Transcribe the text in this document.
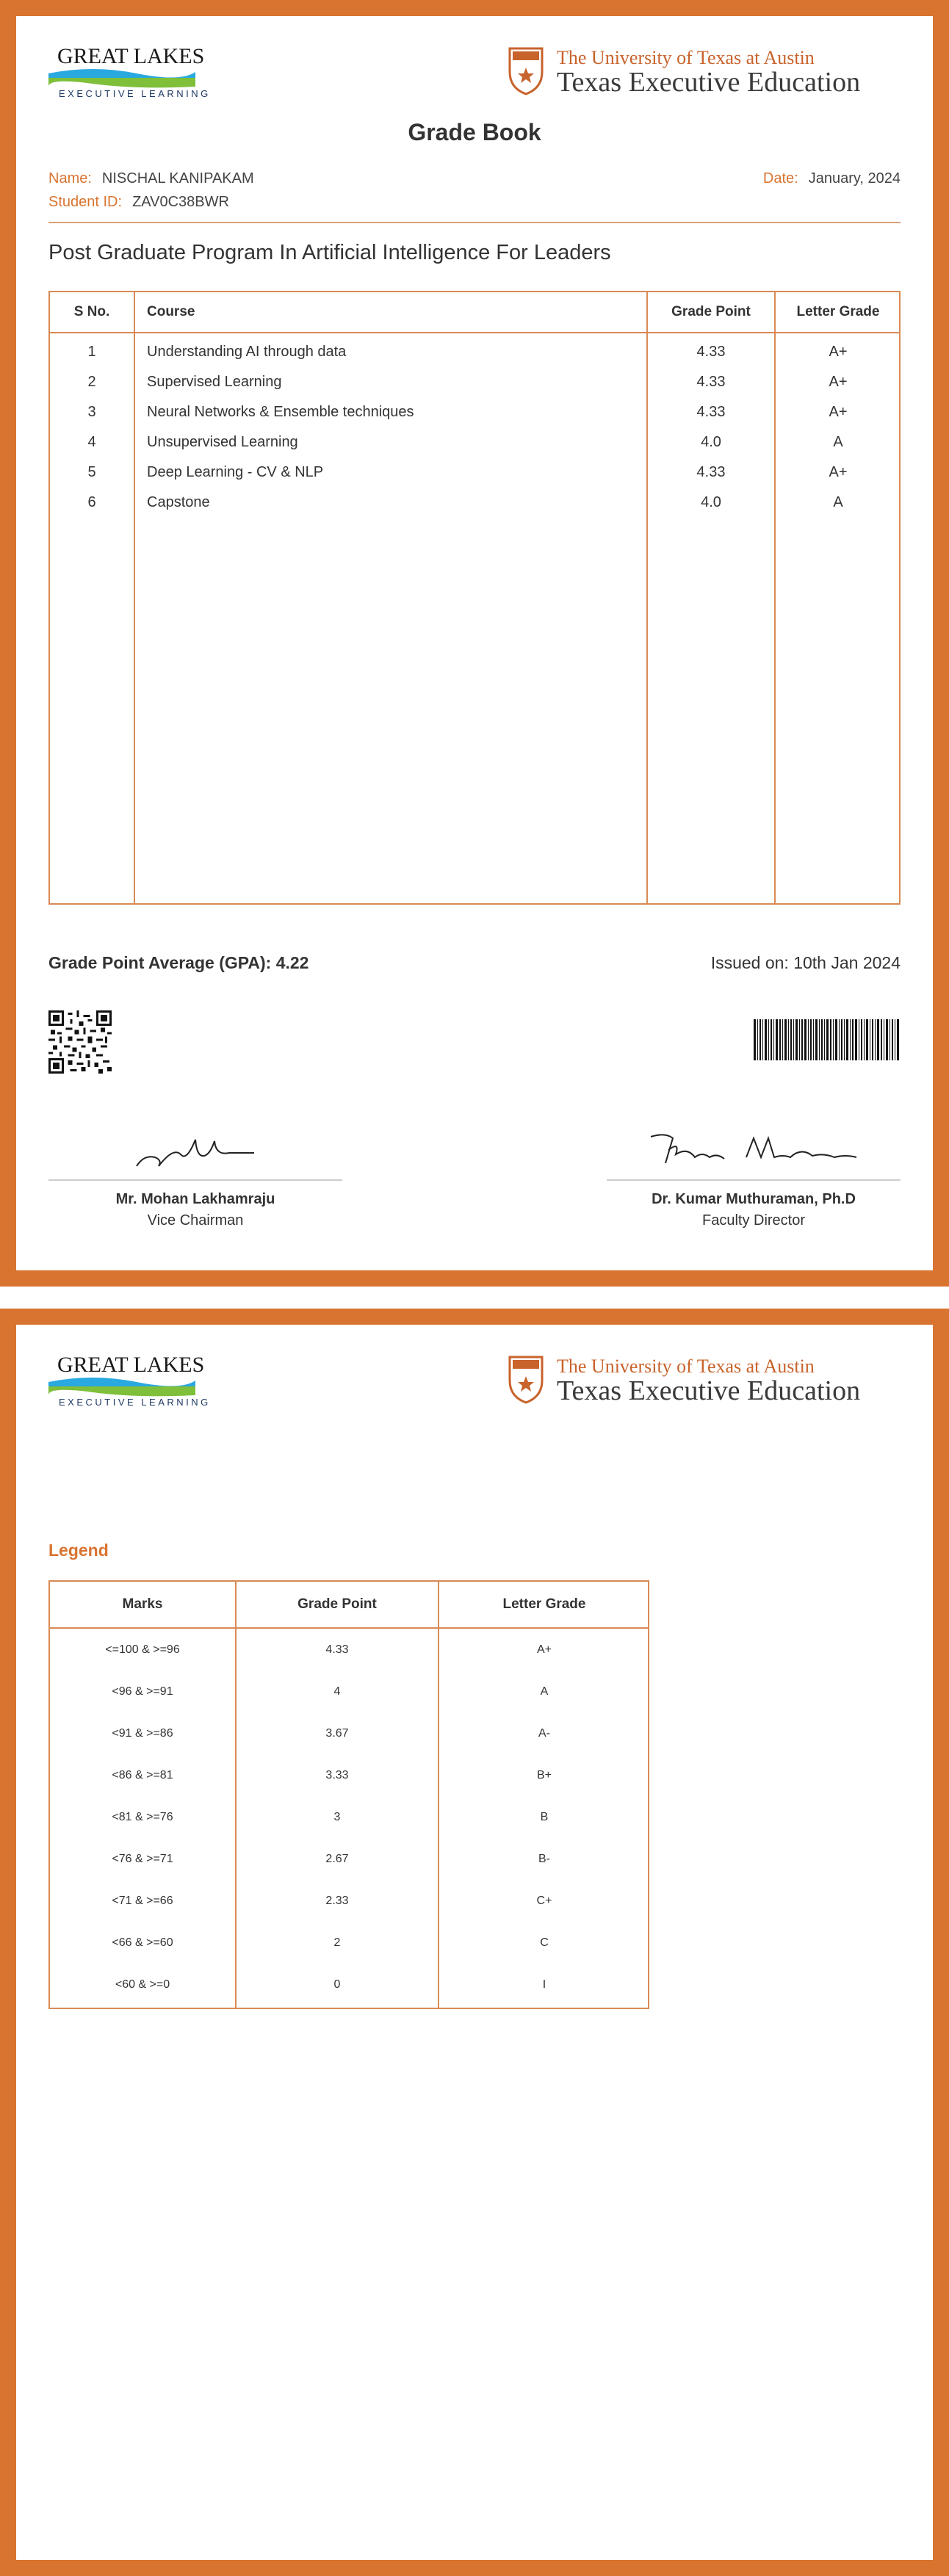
GREAT LAKES
EXECUTIVE LEARNING
The University of Texas at Austin
Texas Executive Education
Grade Book
Name: NISCHAL KANIPAKAM
Student ID: ZAV0C38BWR
Date: January, 2024
Post Graduate Program In Artificial Intelligence For Leaders
S No.	Course	Grade Point	Letter Grade
1	Understanding AI through data	4.33	A+
2	Supervised Learning	4.33	A+
3	Neural Networks & Ensemble techniques	4.33	A+
4	Unsupervised Learning	4.0	A
5	Deep Learning - CV & NLP	4.33	A+
6	Capstone	4.0	A
Grade Point Average (GPA): 4.22	Issued on: 10th Jan 2024
Mr. Mohan Lakhamraju
Vice Chairman
Dr. Kumar Muthuraman, Ph.D
Faculty Director
GREAT LAKES
EXECUTIVE LEARNING
The University of Texas at Austin
Texas Executive Education
Legend
Marks	Grade Point	Letter Grade
<=100 & >=96	4.33	A+
<96 & >=91	4	A
<91 & >=86	3.67	A-
<86 & >=81	3.33	B+
<81 & >=76	3	B
<76 & >=71	2.67	B-
<71 & >=66	2.33	C+
<66 & >=60	2	C
<60 & >=0	0	I
